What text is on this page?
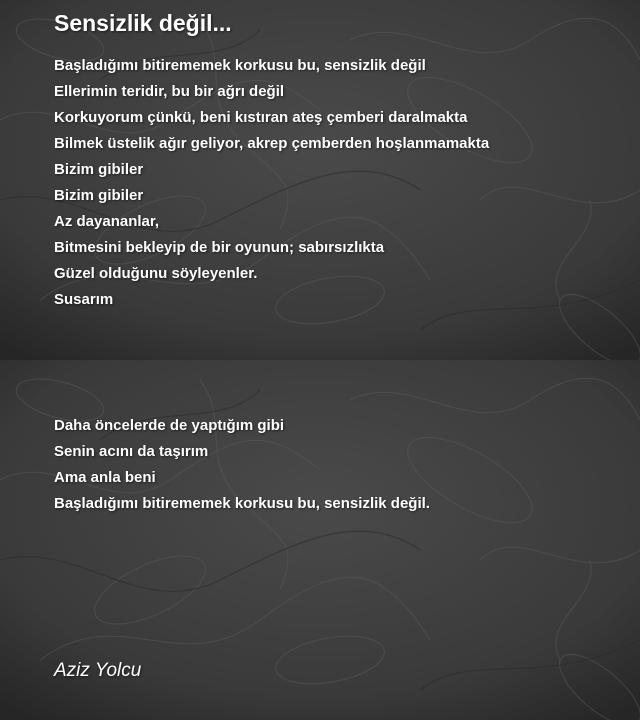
Sensizlik değil...
Başladığımı bitirememek korkusu bu, sensizlik değil
Ellerimin teridir, bu bir ağrı değil
Korkuyorum çünkü, beni kıstıran ateş çemberi daralmakta
Bilmek üstelik ağır geliyor, akrep çemberden hoşlanmamakta
Bizim gibiler
Bizim gibiler
Az dayananlar,
Bitmesini bekleyip de bir oyunun; sabırsızlıkta
Güzel olduğunu söyleyenler.
Susarım
Daha öncelerde de yaptığım gibi
Senin acını da taşırım
Ama anla beni
Başladığımı bitirememek korkusu bu, sensizlik değil.

Aziz Yolcu
